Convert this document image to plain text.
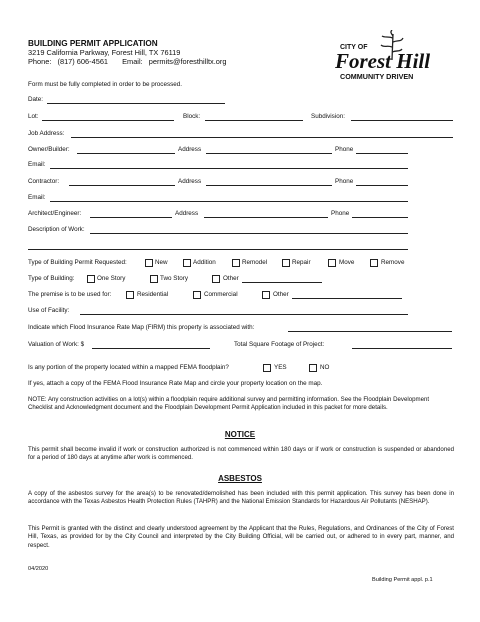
BUILDING PERMIT APPLICATION
3219 California Parkway, Forest Hill, TX 76119
Phone: (817) 606-4561 Email: permits@foresthilltx.org
CITY OF
Forest Hill
COMMUNITY DRIVEN
Form must be fully completed in order to be processed.
Date:
Lot:	Block:	Subdivision:
Job Address:
Owner/Builder:	Address	Phone
Email:
Contractor:	Address	Phone
Email:
Architect/Engineer:	Address	Phone
Description of Work:
Type of Building Permit Requested:	New	Addition	Remodel	Repair	Move	Remove
Type of Building:	One Story	Two Story	Other
The premise is to be used for:	Residential	Commercial	Other
Use of Facility:
Indicate which Flood Insurance Rate Map (FIRM) this property is associated with:
Valuation of Work: $	Total Square Footage of Project:
Is any portion of the property located within a mapped FEMA floodplain?	YES	NO
If yes, attach a copy of the FEMA Flood Insurance Rate Map and circle your property location on the map.
NOTE: Any construction activities on a lot(s) within a floodplain require additional survey and permitting information. See the Floodplain Development Checklist and Acknowledgment document and the Floodplain Development Permit Application included in this packet for more details.
NOTICE
This permit shall become invalid if work or construction authorized is not commenced within 180 days or if work or construction is suspended or abandoned for a period of 180 days at anytime after work is commenced.
ASBESTOS
A copy of the asbestos survey for the area(s) to be renovated/demolished has been included with this permit application. This survey has been done in accordance with the Texas Asbestos Health Protection Rules (TAHPR) and the National Emission Standards for Hazardous Air Pollutants (NESHAP).
This Permit is granted with the distinct and clearly understood agreement by the Applicant that the Rules, Regulations, and Ordinances of the City of Forest Hill, Texas, as provided for by the City Council and interpreted by the City Building Official, will be carried out, or adhered to in every part, manner, and respect.
04/2020
Building Permit appl. p.1
